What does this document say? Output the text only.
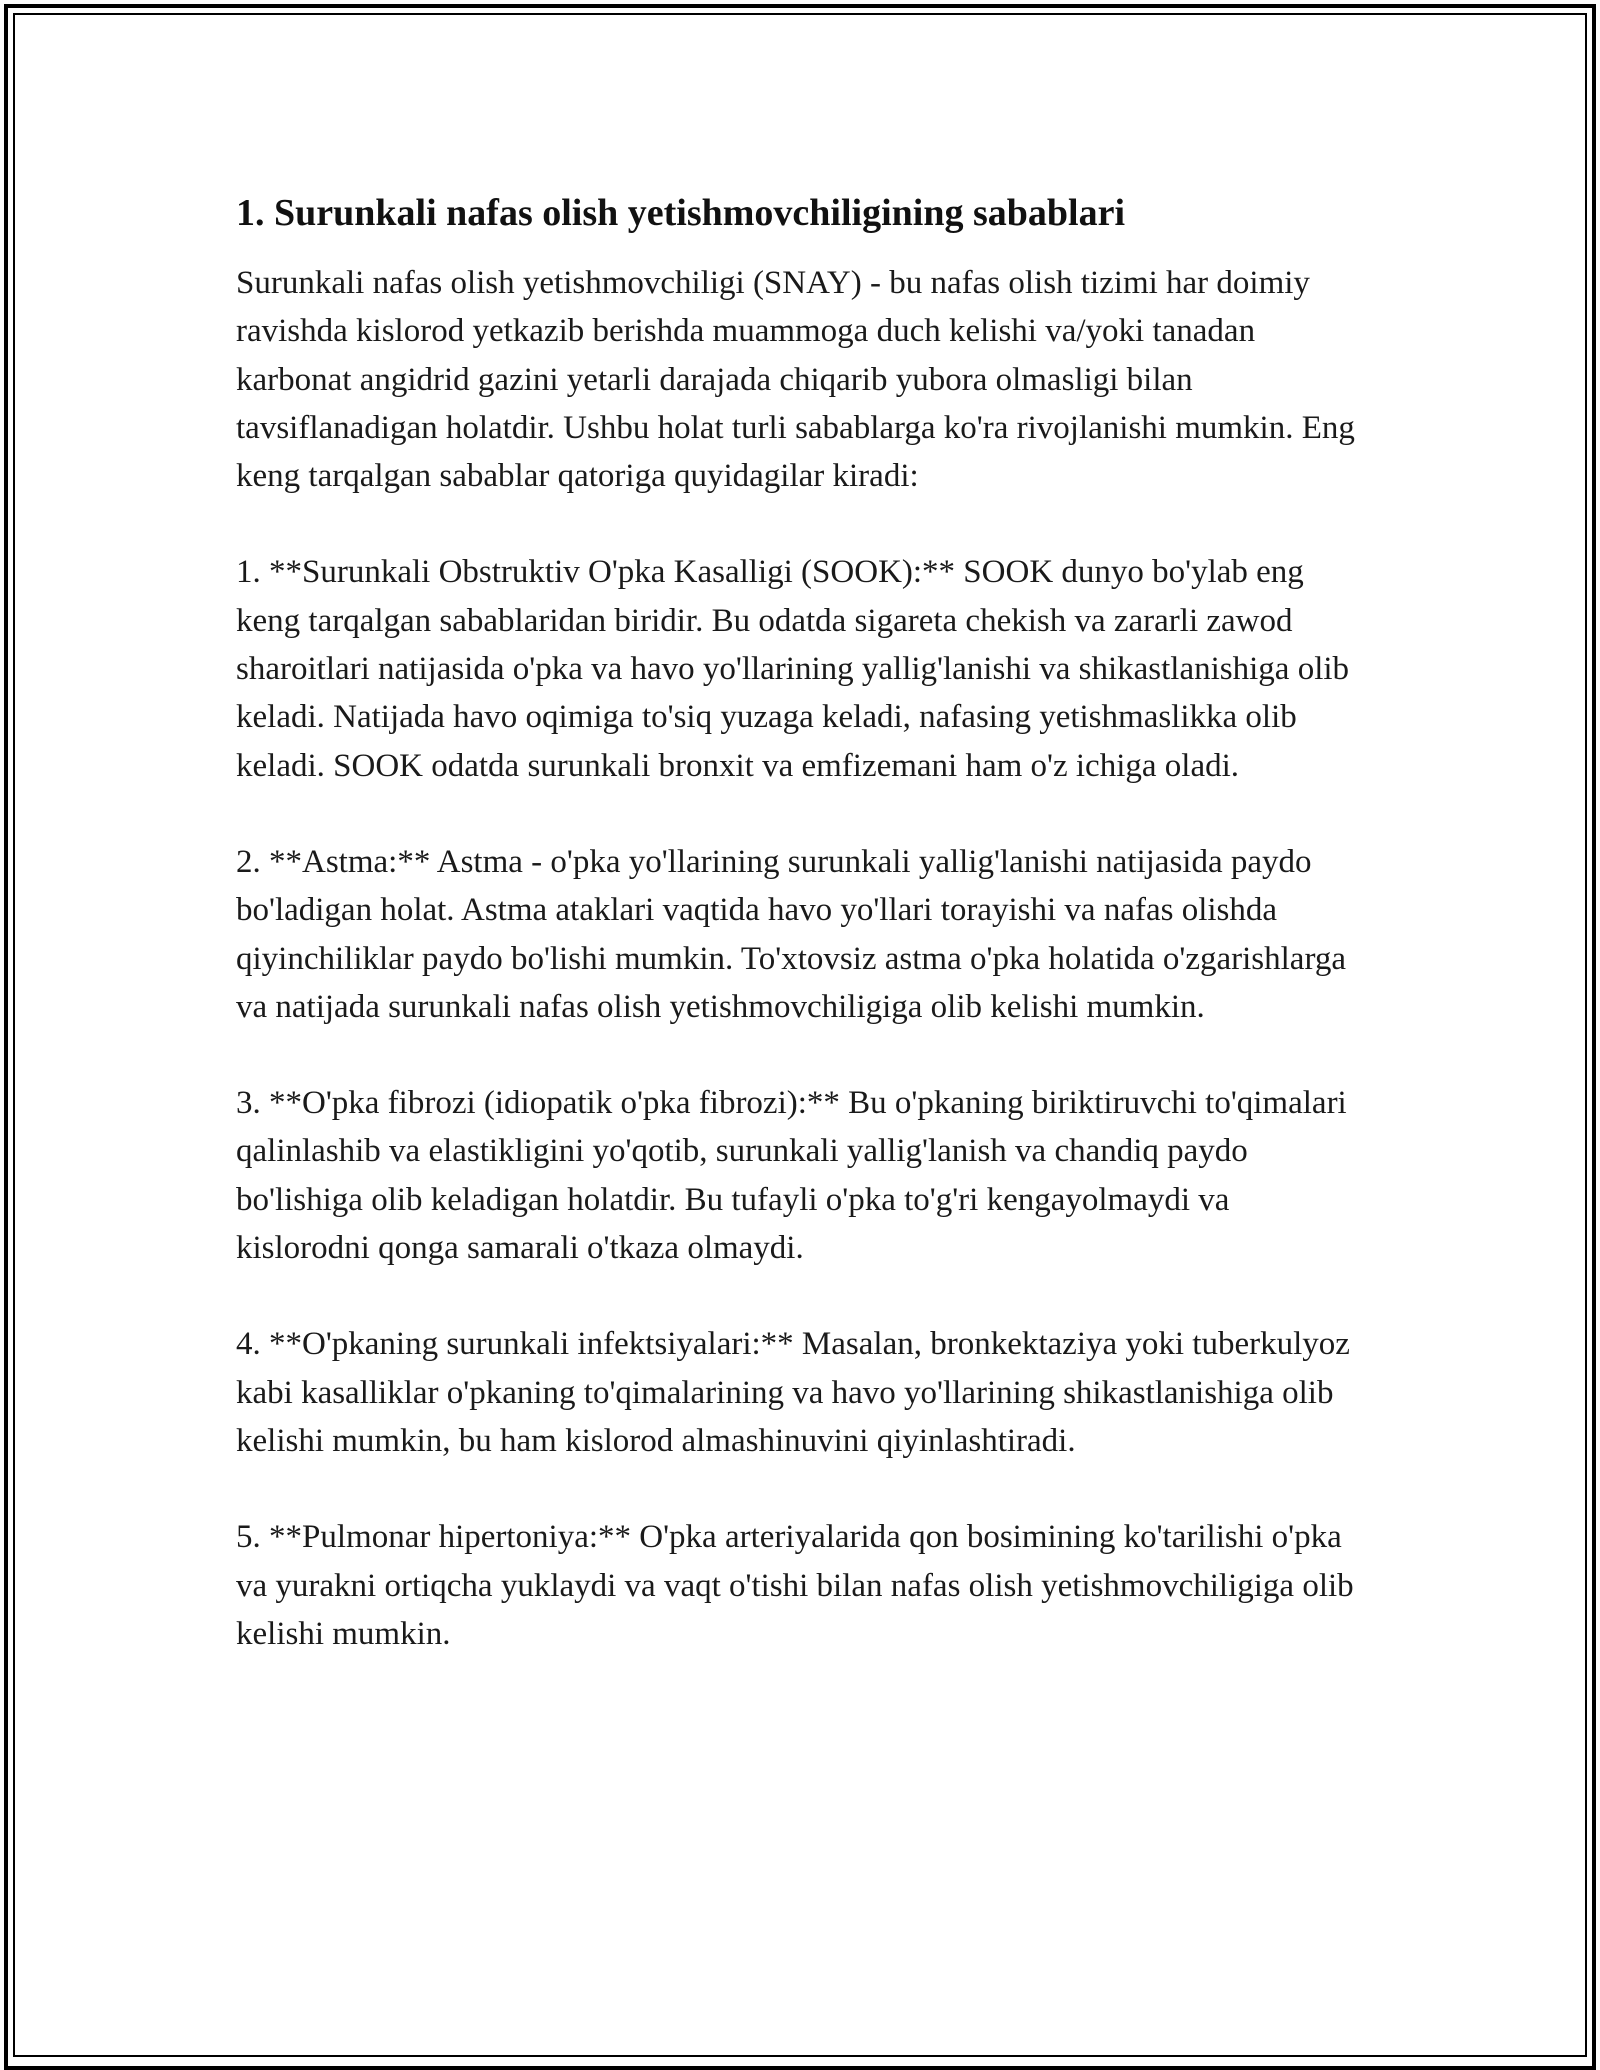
1. Surunkali nafas olish yetishmovchiligining sabablari

Surunkali nafas olish yetishmovchiligi (SNAY) - bu nafas olish tizimi har doimiy ravishda kislorod yetkazib berishda muammoga duch kelishi va/yoki tanadan karbonat angidrid gazini yetarli darajada chiqarib yubora olmasligi bilan tavsiflanadigan holatdir. Ushbu holat turli sabablarga ko'ra rivojlanishi mumkin. Eng keng tarqalgan sabablar qatoriga quyidagilar kiradi:

1. **Surunkali Obstruktiv O'pka Kasalligi (SOOK):** SOOK dunyo bo'ylab eng keng tarqalgan sabablaridan biridir. Bu odatda sigareta chekish va zararli zawod sharoitlari natijasida o'pka va havo yo'llarining yallig'lanishi va shikastlanishiga olib keladi. Natijada havo oqimiga to'siq yuzaga keladi, nafasing yetishmaslikka olib keladi. SOOK odatda surunkali bronxit va emfizemani ham o'z ichiga oladi.

2. **Astma:** Astma - o'pka yo'llarining surunkali yallig'lanishi natijasida paydo bo'ladigan holat. Astma ataklari vaqtida havo yo'llari torayishi va nafas olishda qiyinchiliklar paydo bo'lishi mumkin. To'xtovsiz astma o'pka holatida o'zgarishlarga va natijada surunkali nafas olish yetishmovchiligiga olib kelishi mumkin.

3. **O'pka fibrozi (idiopatik o'pka fibrozi):** Bu o'pkaning biriktiruvchi to'qimalari qalinlashib va elastikligini yo'qotib, surunkali yallig'lanish va chandiq paydo bo'lishiga olib keladigan holatdir. Bu tufayli o'pka to'g'ri kengayolmaydi va kislorodni qonga samarali o'tkaza olmaydi.

4. **O'pkaning surunkali infektsiyalari:** Masalan, bronkektaziya yoki tuberkulyoz kabi kasalliklar o'pkaning to'qimalarining va havo yo'llarining shikastlanishiga olib kelishi mumkin, bu ham kislorod almashinuvini qiyinlashtiradi.

5. **Pulmonar hipertoniya:** O'pka arteriyalarida qon bosimining ko'tarilishi o'pka va yurakni ortiqcha yuklaydi va vaqt o'tishi bilan nafas olish yetishmovchiligiga olib kelishi mumkin.
